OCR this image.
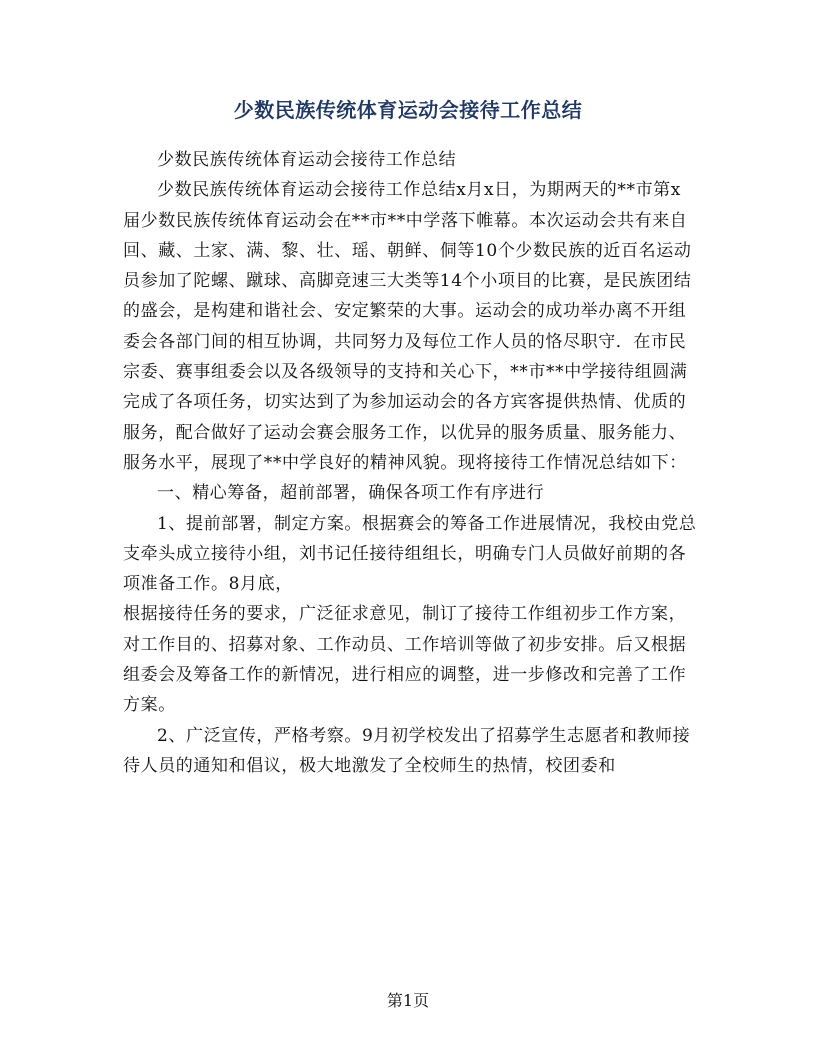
少数民族传统体育运动会接待工作总结

少数民族传统体育运动会接待工作总结

少数民族传统体育运动会接待工作总结x月x日，为期两天的**市第x届少数民族传统体育运动会在**市**中学落下帷幕。本次运动会共有来自回、藏、土家、满、黎、壮、瑶、朝鲜、侗等10个少数民族的近百名运动员参加了陀螺、蹴球、高脚竞速三大类等14个小项目的比赛，是民族团结的盛会，是构建和谐社会、安定繁荣的大事。运动会的成功举办离不开组委会各部门间的相互协调，共同努力及每位工作人员的恪尽职守．在市民宗委、赛事组委会以及各级领导的支持和关心下，**市**中学接待组圆满完成了各项任务，切实达到了为参加运动会的各方宾客提供热情、优质的服务，配合做好了运动会赛会服务工作，以优异的服务质量、服务能力、服务水平，展现了**中学良好的精神风貌。现将接待工作情况总结如下：

一、精心筹备，超前部署，确保各项工作有序进行

1、提前部署，制定方案。根据赛会的筹备工作进展情况，我校由党总支牵头成立接待小组，刘书记任接待组组长，明确专门人员做好前期的各项准备工作。8月底，

根据接待任务的要求，广泛征求意见，制订了接待工作组初步工作方案，对工作目的、招募对象、工作动员、工作培训等做了初步安排。后又根据组委会及筹备工作的新情况，进行相应的调整，进一步修改和完善了工作方案。

2、广泛宣传，严格考察。9月初学校发出了招募学生志愿者和教师接待人员的通知和倡议，极大地激发了全校师生的热情，校团委和

第1页
